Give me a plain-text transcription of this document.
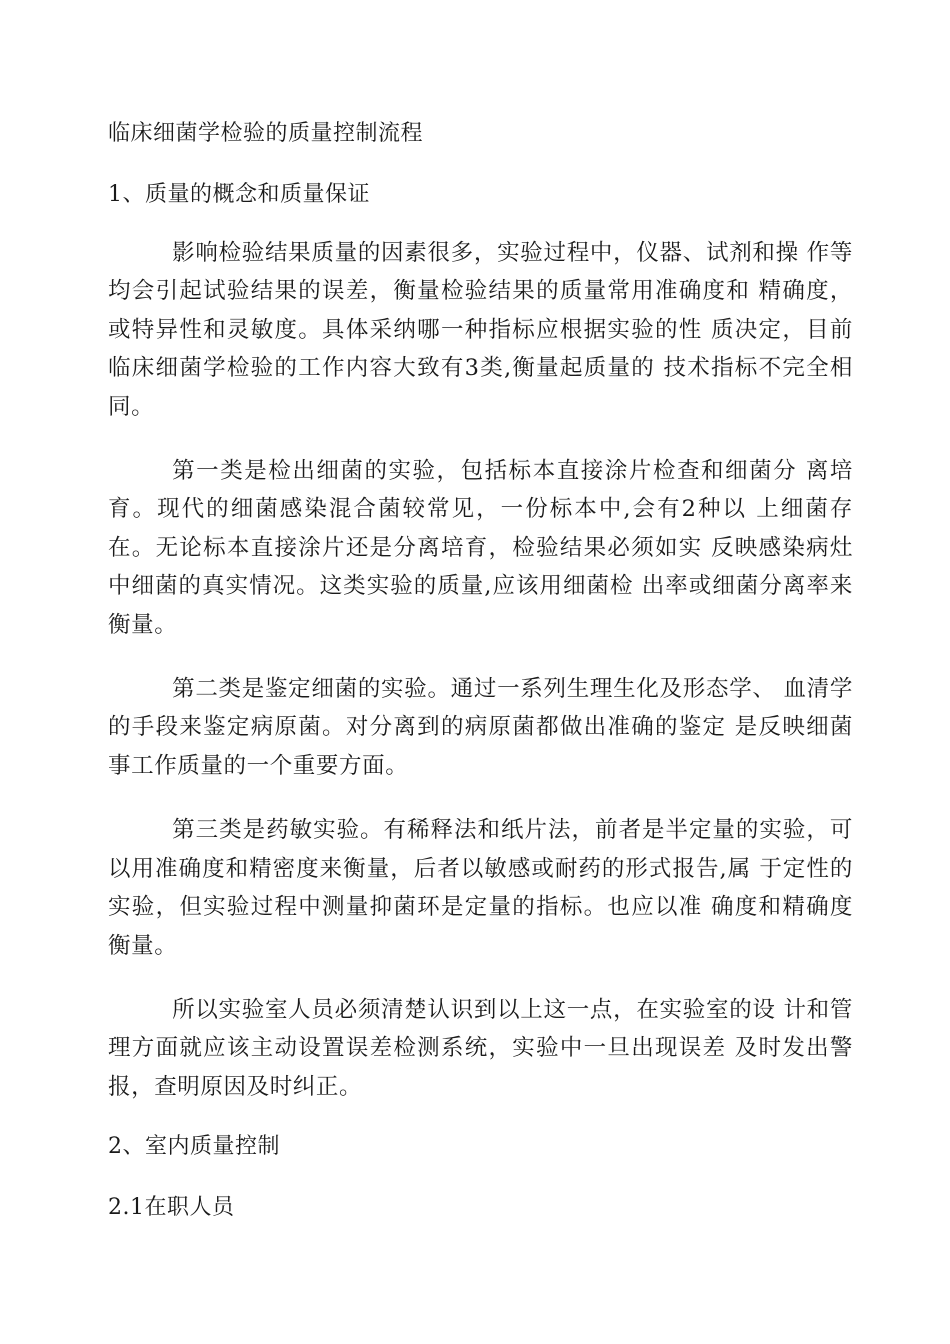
临床细菌学检验的质量控制流程
1、质量的概念和质量保证

影响检验结果质量的因素很多，实验过程中，仪器、试剂和操 作等均会引起试验结果的误差，衡量检验结果的质量常用准确度和 精确度，或特异性和灵敏度。具体采纳哪一种指标应根据实验的性 质决定，目前临床细菌学检验的工作内容大致有3类,衡量起质量的 技术指标不完全相同。

第一类是检出细菌的实验，包括标本直接涂片检查和细菌分 离培育。现代的细菌感染混合菌较常见，一份标本中,会有2种以 上细菌存在。无论标本直接涂片还是分离培育，检验结果必须如实 反映感染病灶中细菌的真实情况。这类实验的质量,应该用细菌检 出率或细菌分离率来衡量。

第二类是鉴定细菌的实验。通过一系列生理生化及形态学、 血清学的手段来鉴定病原菌。对分离到的病原菌都做出准确的鉴定 是反映细菌事工作质量的一个重要方面。

第三类是药敏实验。有稀释法和纸片法，前者是半定量的实验，可以用准确度和精密度来衡量，后者以敏感或耐药的形式报告,属 于定性的实验，但实验过程中测量抑菌环是定量的指标。也应以准 确度和精确度衡量。

所以实验室人员必须清楚认识到以上这一点，在实验室的设 计和管理方面就应该主动设置误差检测系统，实验中一旦出现误差 及时发出警报，查明原因及时纠正。

2、室内质量控制
2.1在职人员
